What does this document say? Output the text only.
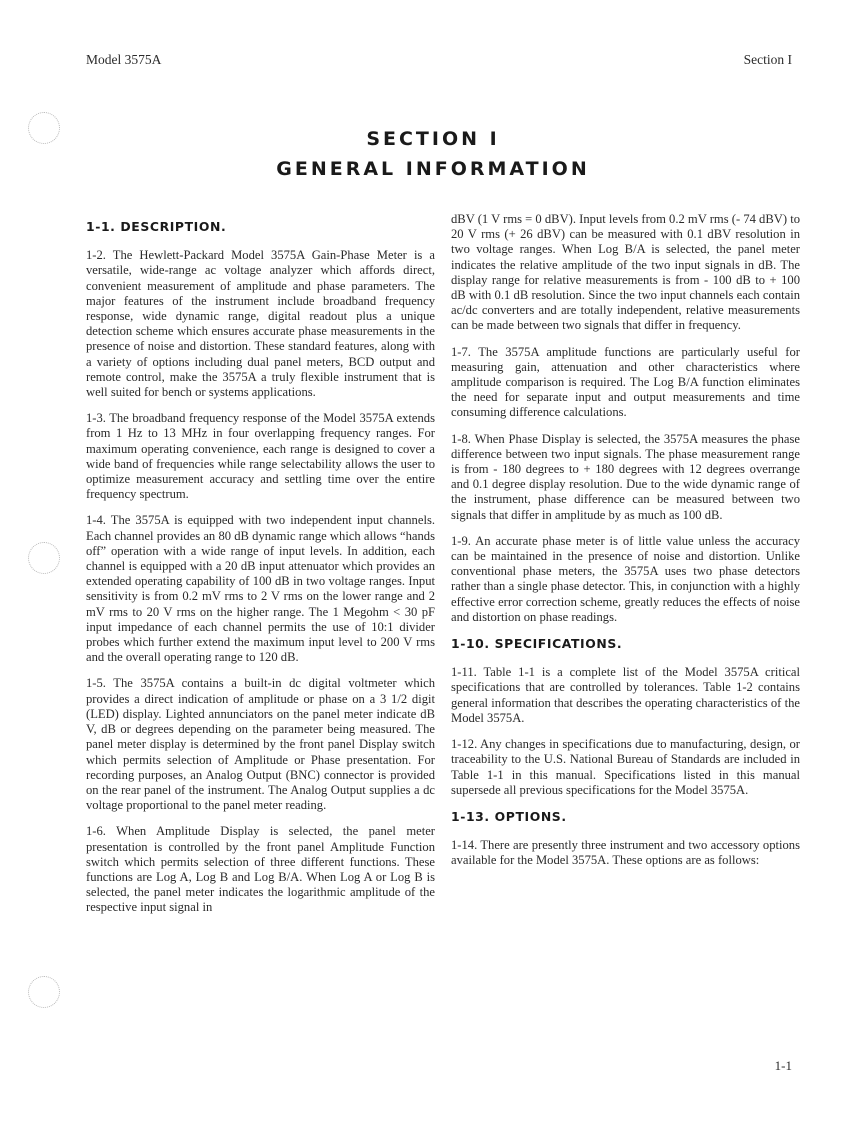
Model 3575A	Section I
SECTION I
GENERAL INFORMATION
1-1. DESCRIPTION.

1-2. The Hewlett-Packard Model 3575A Gain-Phase Meter is a versatile, wide-range ac voltage analyzer which affords direct, convenient measurement of amplitude and phase parameters. The major features of the instrument include broadband frequency response, wide dynamic range, digital readout plus a unique detection scheme which ensures accurate phase measurements in the presence of noise and distortion. These standard features, along with a variety of options including dual panel meters, BCD output and remote control, make the 3575A a truly flexible instrument that is well suited for bench or systems applications.

1-3. The broadband frequency response of the Model 3575A extends from 1 Hz to 13 MHz in four overlapping frequency ranges. For maximum operating convenience, each range is designed to cover a wide band of frequencies while range selectability allows the user to optimize measurement accuracy and settling time over the entire frequency spectrum.

1-4. The 3575A is equipped with two independent input channels. Each channel provides an 80 dB dynamic range which allows “hands off” operation with a wide range of input levels. In addition, each channel is equipped with a 20 dB input attenuator which provides an extended operating capability of 100 dB in two voltage ranges. Input sensitivity is from 0.2 mV rms to 2 V rms on the lower range and 2 mV rms to 20 V rms on the higher range. The 1 Megohm < 30 pF input impedance of each channel permits the use of 10:1 divider probes which further extend the maximum input level to 200 V rms and the overall operating range to 120 dB.

1-5. The 3575A contains a built-in dc digital voltmeter which provides a direct indication of amplitude or phase on a 3 1/2 digit (LED) display. Lighted annunciators on the panel meter indicate dB V, dB or degrees depending on the parameter being measured. The panel meter display is determined by the front panel Display switch which permits selection of Amplitude or Phase presentation. For recording purposes, an Analog Output (BNC) connector is provided on the rear panel of the instrument. The Analog Output supplies a dc voltage proportional to the panel meter reading.

1-6. When Amplitude Display is selected, the panel meter presentation is controlled by the front panel Amplitude Function switch which permits selection of three different functions. These functions are Log A, Log B and Log B/A. When Log A or Log B is selected, the panel meter indicates the logarithmic amplitude of the respective input signal in

dBV (1 V rms = 0 dBV). Input levels from 0.2 mV rms (- 74 dBV) to 20 V rms (+ 26 dBV) can be measured with 0.1 dBV resolution in two voltage ranges. When Log B/A is selected, the panel meter indicates the relative amplitude of the two input signals in dB. The display range for relative measurements is from - 100 dB to + 100 dB with 0.1 dB resolution. Since the two input channels each contain ac/dc converters and are totally independent, relative measurements can be made between two signals that differ in frequency.

1-7. The 3575A amplitude functions are particularly useful for measuring gain, attenuation and other characteristics where amplitude comparison is required. The Log B/A function eliminates the need for separate input and output measurements and time consuming difference calculations.

1-8. When Phase Display is selected, the 3575A measures the phase difference between two input signals. The phase measurement range is from - 180 degrees to + 180 degrees with 12 degrees overrange and 0.1 degree display resolution. Due to the wide dynamic range of the instrument, phase difference can be measured between two signals that differ in amplitude by as much as 100 dB.

1-9. An accurate phase meter is of little value unless the accuracy can be maintained in the presence of noise and distortion. Unlike conventional phase meters, the 3575A uses two phase detectors rather than a single phase detector. This, in conjunction with a highly effective error correction scheme, greatly reduces the effects of noise and distortion on phase readings.

1-10. SPECIFICATIONS.

1-11. Table 1-1 is a complete list of the Model 3575A critical specifications that are controlled by tolerances. Table 1-2 contains general information that describes the operating characteristics of the Model 3575A.

1-12. Any changes in specifications due to manufacturing, design, or traceability to the U.S. National Bureau of Standards are included in Table 1-1 in this manual. Specifications listed in this manual supersede all previous specifications for the Model 3575A.

1-13. OPTIONS.

1-14. There are presently three instrument and two accessory options available for the Model 3575A. These options are as follows:

1-1
